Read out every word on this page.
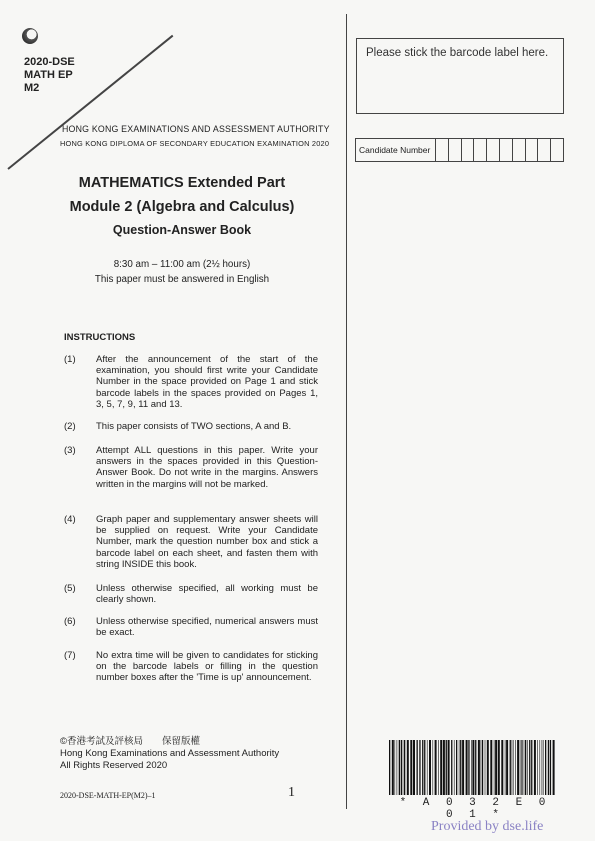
2020-DSE
MATH EP
M2
HONG KONG EXAMINATIONS AND ASSESSMENT AUTHORITY
HONG KONG DIPLOMA OF SECONDARY EDUCATION EXAMINATION 2020
MATHEMATICS Extended Part
Module 2 (Algebra and Calculus)
Question-Answer Book
8:30 am – 11:00 am (2½ hours)
This paper must be answered in English
Please stick the barcode label here.
Candidate Number
INSTRUCTIONS
(1) After the announcement of the start of the examination, you should first write your Candidate Number in the space provided on Page 1 and stick barcode labels in the spaces provided on Pages 1, 3, 5, 7, 9, 11 and 13.
(2) This paper consists of TWO sections, A and B.
(3) Attempt ALL questions in this paper. Write your answers in the spaces provided in this Question-Answer Book. Do not write in the margins. Answers written in the margins will not be marked.
(4) Graph paper and supplementary answer sheets will be supplied on request. Write your Candidate Number, mark the question number box and stick a barcode label on each sheet, and fasten them with string INSIDE this book.
(5) Unless otherwise specified, all working must be clearly shown.
(6) Unless otherwise specified, numerical answers must be exact.
(7) No extra time will be given to candidates for sticking on the barcode labels or filling in the question number boxes after the 'Time is up' announcement.
©香港考試及評核局　　保留版權
Hong Kong Examinations and Assessment Authority
All Rights Reserved 2020
2020-DSE-MATH-EP(M2)–1	1
* A 0 3 2 E 0 0 1 *
Provided by dse.life
